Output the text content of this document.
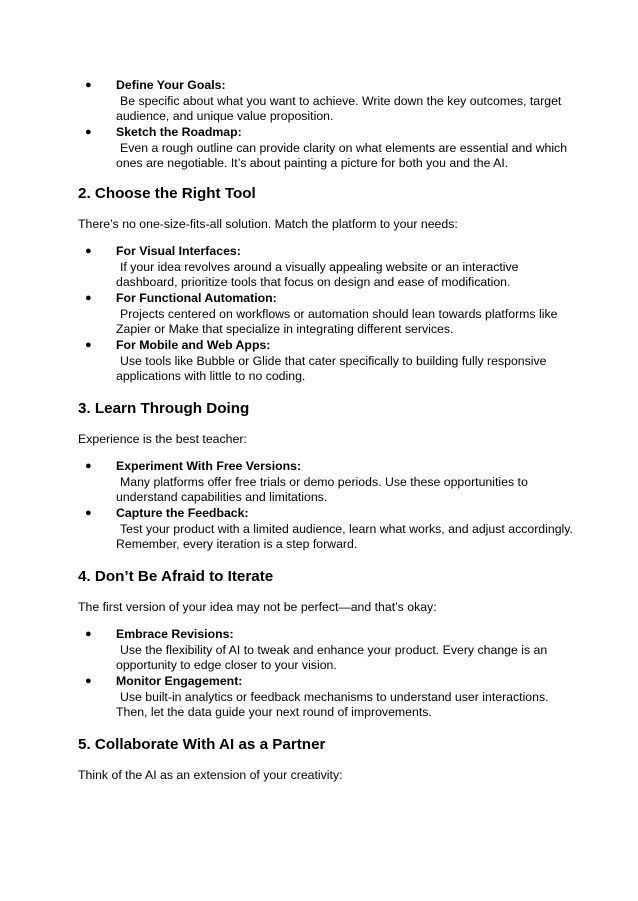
● Define Your Goals:
Be specific about what you want to achieve. Write down the key outcomes, target audience, and unique value proposition.
● Sketch the Roadmap:
Even a rough outline can provide clarity on what elements are essential and which ones are negotiable. It’s about painting a picture for both you and the AI.
2. Choose the Right Tool

There’s no one-size-fits-all solution. Match the platform to your needs:

● For Visual Interfaces:
If your idea revolves around a visually appealing website or an interactive dashboard, prioritize tools that focus on design and ease of modification.
● For Functional Automation:
Projects centered on workflows or automation should lean towards platforms like Zapier or Make that specialize in integrating different services.
● For Mobile and Web Apps:
Use tools like Bubble or Glide that cater specifically to building fully responsive applications with little to no coding.
3. Learn Through Doing

Experience is the best teacher:

● Experiment With Free Versions:
Many platforms offer free trials or demo periods. Use these opportunities to understand capabilities and limitations.
● Capture the Feedback:
Test your product with a limited audience, learn what works, and adjust accordingly. Remember, every iteration is a step forward.
4. Don’t Be Afraid to Iterate

The first version of your idea may not be perfect—and that’s okay:

● Embrace Revisions:
Use the flexibility of AI to tweak and enhance your product. Every change is an opportunity to edge closer to your vision.
● Monitor Engagement:
Use built-in analytics or feedback mechanisms to understand user interactions. Then, let the data guide your next round of improvements.
5. Collaborate With AI as a Partner

Think of the AI as an extension of your creativity:
